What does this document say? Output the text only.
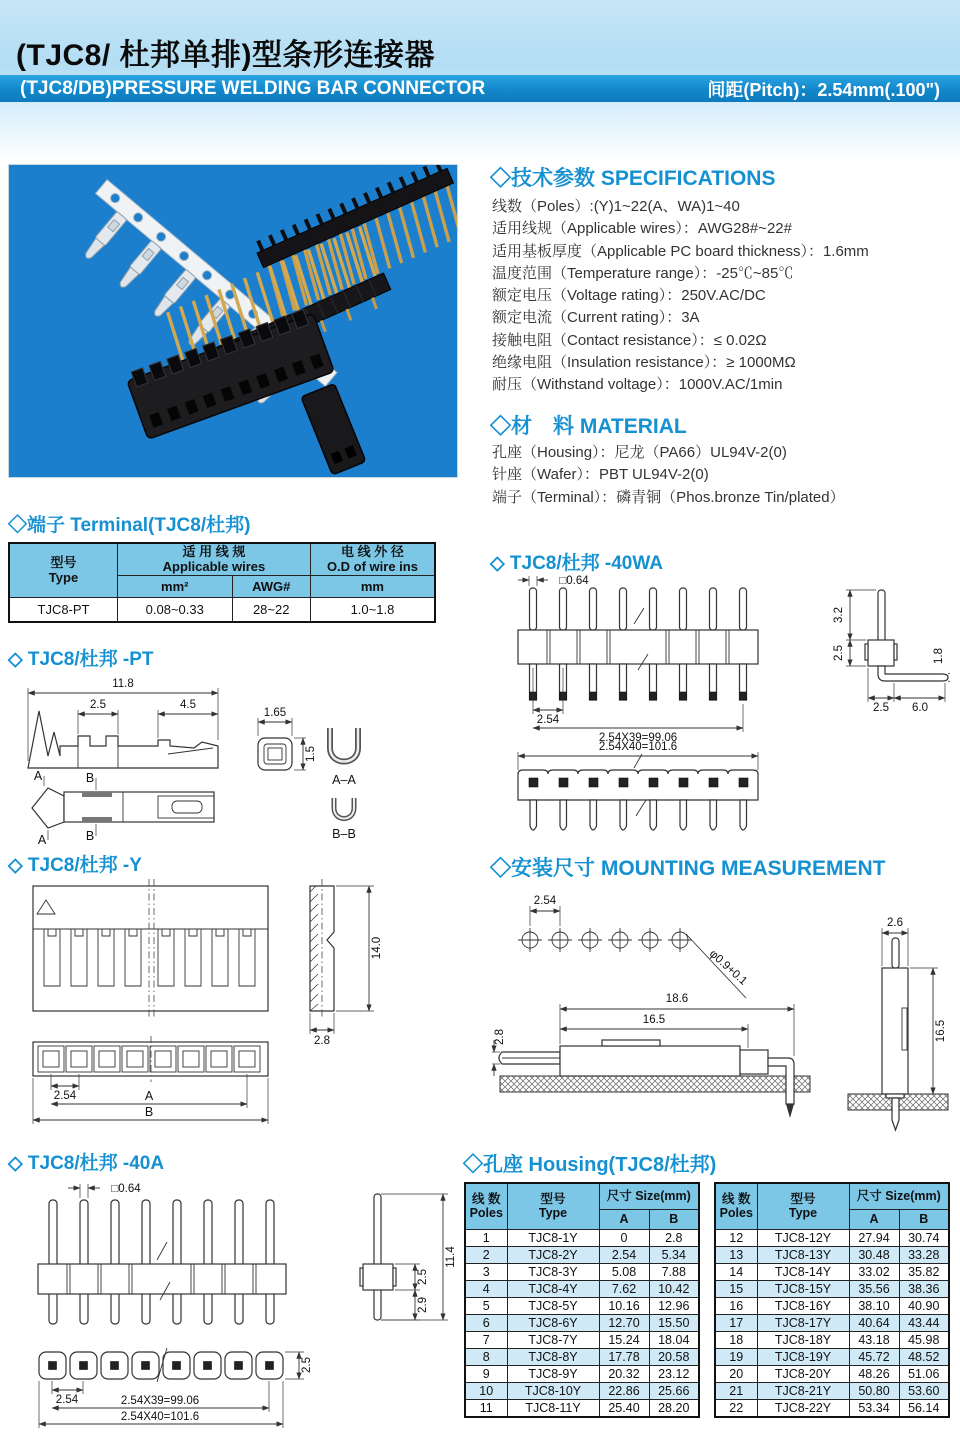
(TJC8/ 杜邦单排)型条形连接器
(TJC8/DB)PRESSURE WELDING BAR CONNECTOR	间距(Pitch)：2.54mm(.100")
◇技术参数 SPECIFICATIONS
线数（Poles）:(Y)1~22(A、WA)1~40
适用线规（Applicable wires）：AWG28#~22#
适用基板厚度（Applicable PC board thickness）：1.6mm
温度范围（Temperature range）：-25℃~85℃
额定电压（Voltage rating）：250V.AC/DC
额定电流（Current rating）：3A
接触电阻（Contact resistance）：≤ 0.02Ω
绝缘电阻（Insulation resistance）：≥ 1000MΩ
耐压（Withstand voltage）：1000V.AC/1min
◇材　料 MATERIAL
孔座（Housing）：尼龙（PA66）UL94V-2(0)
针座（Wafer）：PBT UL94V-2(0)
端子（Terminal）：磷青铜（Phos.bronze Tin/plated）
◇端子 Terminal(TJC8/杜邦)
型号
Type	适 用 线 规
Applicable wires		电 线 外 径
O.D of wire ins
	mm²	AWG#	mm
TJC8-PT	0.08~0.33	28~22	1.0~1.8
◇ TJC8/杜邦 -PT
11.8
2.5	4.5
1.65
1.5
A–A
B–B
A	B
A	B
◇ TJC8/杜邦 -40WA
□0.64
2.54
2.54X39=99.06
3.2
2.5	1.8
2.5 6.0
2.54X40=101.6
◇ TJC8/杜邦 -Y
14.0
2.8
2.54	A
B
◇安装尺寸 MOUNTING MEASUREMENT
2.54
φ0.9+0.1
18.6
16.5
2.8
2.6
16.5
◇ TJC8/杜邦 -40A
□0.64
2.5
2.9
11.4
2.5
2.54	2.54X39=99.06
2.54X40=101.6
◇孔座 Housing(TJC8/杜邦)
线 数
Poles	型号
Type	尺寸 Size(mm)	
		A	B
1	TJC8-1Y	0	2.8
2	TJC8-2Y	2.54	5.34
3	TJC8-3Y	5.08	7.88
4	TJC8-4Y	7.62	10.42
5	TJC8-5Y	10.16	12.96
6	TJC8-6Y	12.70	15.50
7	TJC8-7Y	15.24	18.04
8	TJC8-8Y	17.78	20.58
9	TJC8-9Y	20.32	23.12
10	TJC8-10Y	22.86	25.66
11	TJC8-11Y	25.40	28.20
线 数
Poles	型号
Type	尺寸 Size(mm)	
		A	B
12	TJC8-12Y	27.94	30.74
13	TJC8-13Y	30.48	33.28
14	TJC8-14Y	33.02	35.82
15	TJC8-15Y	35.56	38.36
16	TJC8-16Y	38.10	40.90
17	TJC8-17Y	40.64	43.44
18	TJC8-18Y	43.18	45.98
19	TJC8-19Y	45.72	48.52
20	TJC8-20Y	48.26	51.06
21	TJC8-21Y	50.80	53.60
22	TJC8-22Y	53.34	56.14
